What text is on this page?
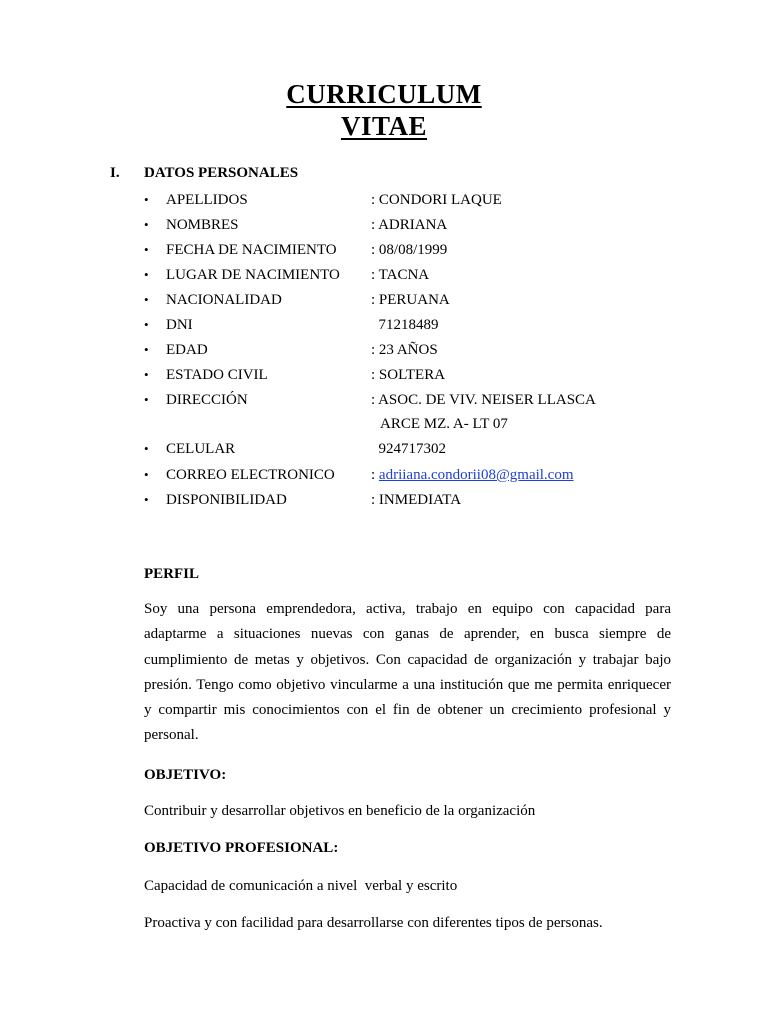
CURRICULUM
VITAE
I. DATOS PERSONALES
• APELLIDOS	: CONDORI LAQUE
• NOMBRES	: ADRIANA
• FECHA DE NACIMIENTO : 08/08/1999
• LUGAR DE NACIMIENTO : TACNA
• NACIONALIDAD	: PERUANA
• DNI	71218489
• EDAD	: 23 AÑOS
• ESTADO CIVIL	: SOLTERA
• DIRECCIÓN	: ASOC. DE VIV. NEISER LLASCA
ARCE MZ. A- LT 07
• CELULAR	924717302
• CORREO ELECTRONICO : adriiana.condorii08@gmail.com
• DISPONIBILIDAD	: INMEDIATA
PERFIL
Soy una persona emprendedora, activa, trabajo en equipo con capacidad para adaptarme a situaciones nuevas con ganas de aprender, en busca siempre de cumplimiento de metas y objetivos. Con capacidad de organización y trabajar bajo presión. Tengo como objetivo vincularme a una institución que me permita enriquecer y compartir mis conocimientos con el fin de obtener un crecimiento profesional y personal.
OBJETIVO:
Contribuir y desarrollar objetivos en beneficio de la organización
OBJETIVO PROFESIONAL:
Capacidad de comunicación a nivel  verbal y escrito
Proactiva y con facilidad para desarrollarse con diferentes tipos de personas.
